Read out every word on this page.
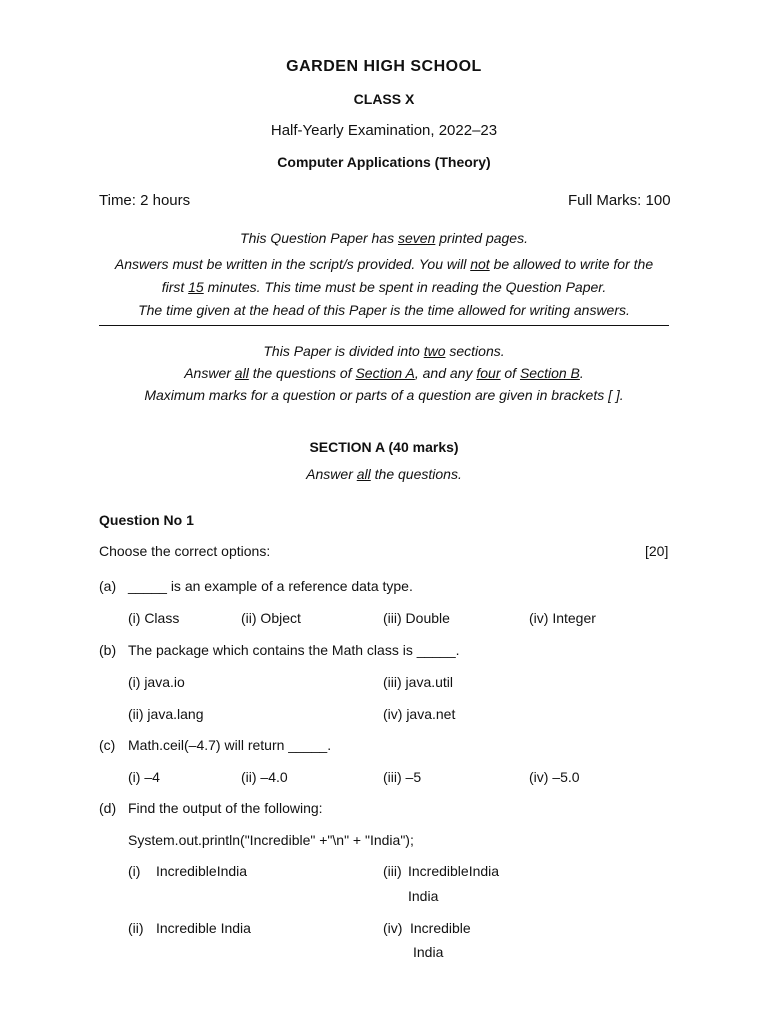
GARDEN HIGH SCHOOL
CLASS X
Half-Yearly Examination, 2022–23
Computer Applications (Theory)
Time: 2 hours	Full Marks: 100
This Question Paper has seven printed pages.
Answers must be written in the script/s provided. You will not be allowed to write for the
first 15 minutes. This time must be spent in reading the Question Paper.
The time given at the head of this Paper is the time allowed for writing answers.
This Paper is divided into two sections.
Answer all the questions of Section A, and any four of Section B.
Maximum marks for a question or parts of a question are given in brackets [ ].
SECTION A (40 marks)
Answer all the questions.
Question No 1
Choose the correct options:	[20]
(a) _____ is an example of a reference data type.
(i) Class	(ii) Object	(iii) Double	(iv) Integer
(b) The package which contains the Math class is _____.
(i) java.io	(iii) java.util
(ii) java.lang	(iv) java.net
(c) Math.ceil(–4.7) will return _____.
(i) –4	(ii) –4.0	(iii) –5	(iv) –5.0
(d) Find the output of the following:
System.out.println("Incredible" +"\n" + "India");
(i) IncredibleIndia	(iii) IncredibleIndia
India
(ii) Incredible India	(iv) Incredible
India
